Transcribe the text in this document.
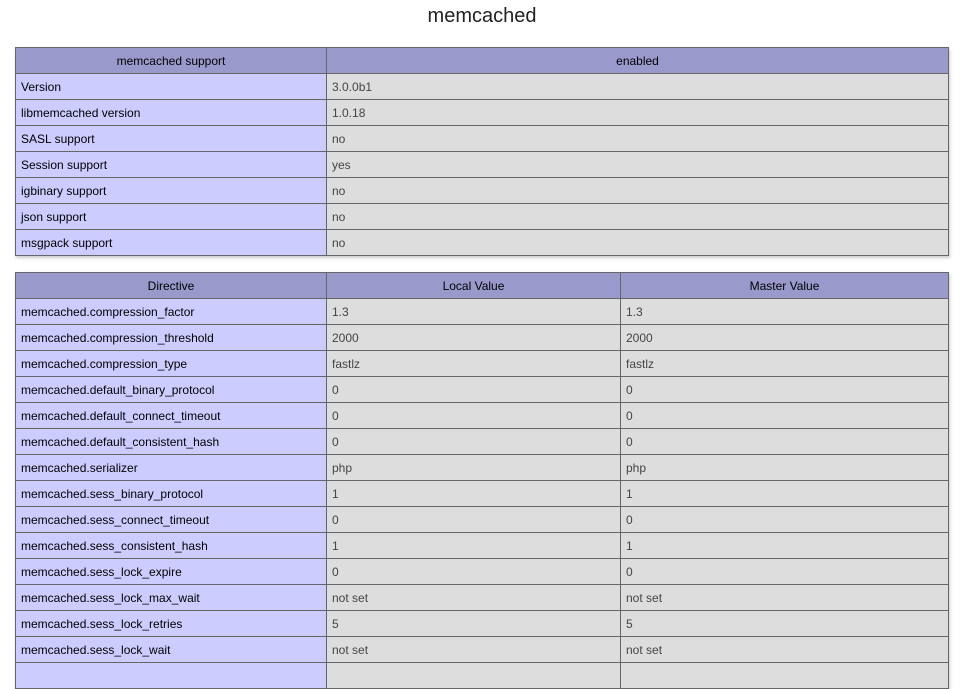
memcached
memcached support	enabled
Version	3.0.0b1
libmemcached version	1.0.18
SASL support	no
Session support	yes
igbinary support	no
json support	no
msgpack support	no
Directive	Local Value	Master Value
memcached.compression_factor	1.3	1.3
memcached.compression_threshold	2000	2000
memcached.compression_type	fastlz	fastlz
memcached.default_binary_protocol	0	0
memcached.default_connect_timeout	0	0
memcached.default_consistent_hash	0	0
memcached.serializer	php	php
memcached.sess_binary_protocol	1	1
memcached.sess_connect_timeout	0	0
memcached.sess_consistent_hash	1	1
memcached.sess_lock_expire	0	0
memcached.sess_lock_max_wait	not set	not set
memcached.sess_lock_retries	5	5
memcached.sess_lock_wait	not set	not set
